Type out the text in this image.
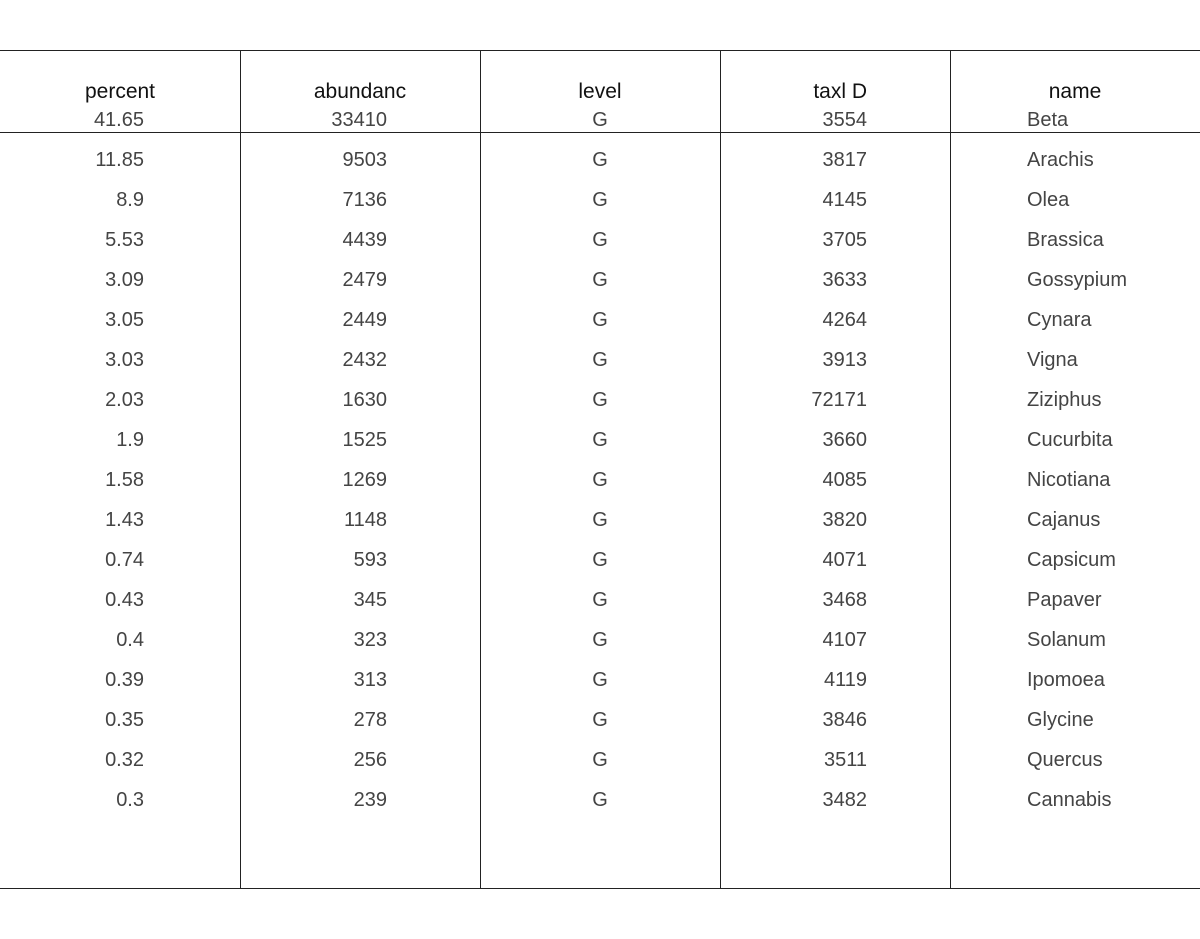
percent	abundanc	level	taxl D	name
41.65	33410	G	3554	Beta
11.85	9503	G	3817	Arachis
8.9	7136	G	4145	Olea
5.53	4439	G	3705	Brassica
3.09	2479	G	3633	Gossypium
3.05	2449	G	4264	Cynara
3.03	2432	G	3913	Vigna
2.03	1630	G	72171	Ziziphus
1.9	1525	G	3660	Cucurbita
1.58	1269	G	4085	Nicotiana
1.43	1148	G	3820	Cajanus
0.74	593	G	4071	Capsicum
0.43	345	G	3468	Papaver
0.4	323	G	4107	Solanum
0.39	313	G	4119	Ipomoea
0.35	278	G	3846	Glycine
0.32	256	G	3511	Quercus
0.3	239	G	3482	Cannabis
